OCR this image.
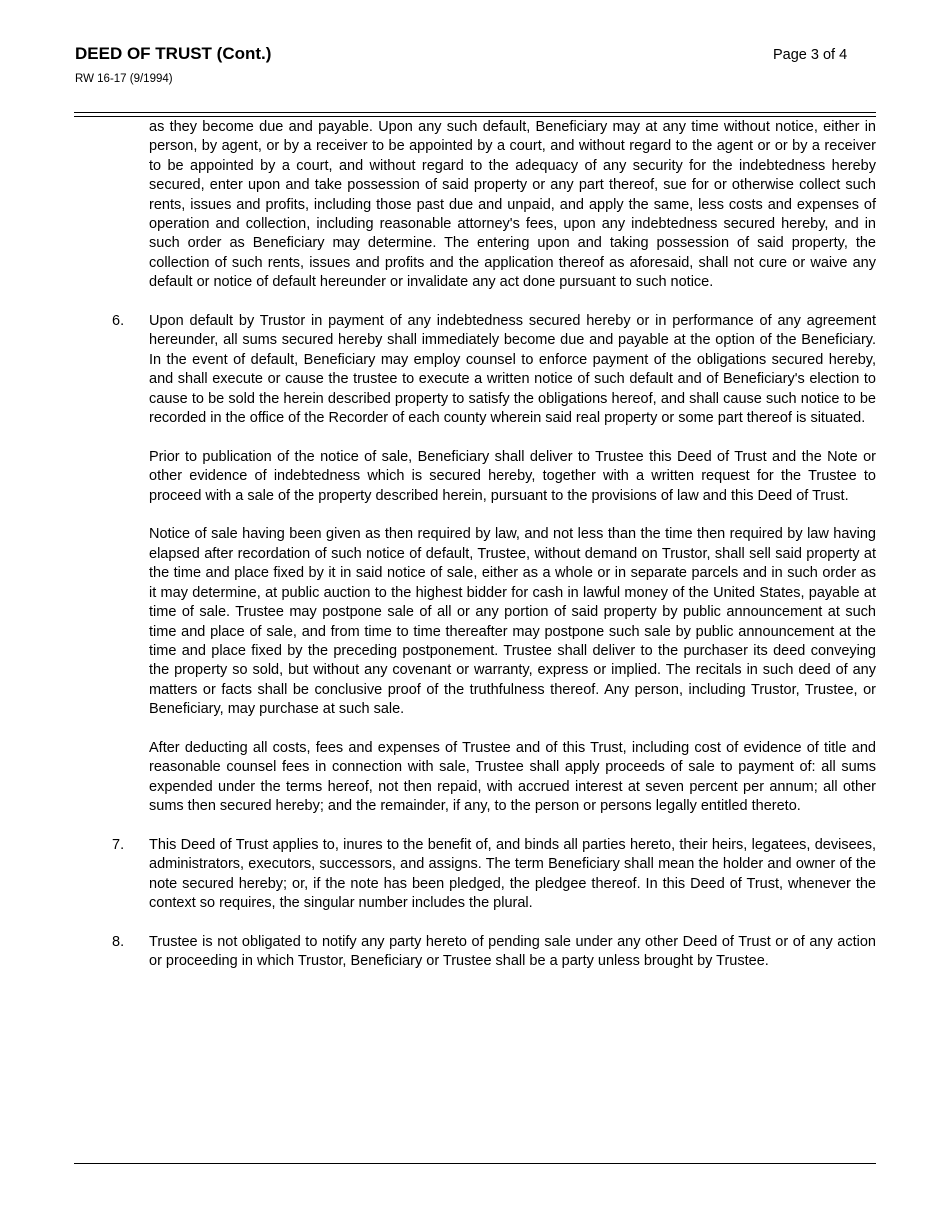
DEED OF TRUST (Cont.)
RW 16-17 (9/1994)
Page 3 of 4

as they become due and payable. Upon any such default, Beneficiary may at any time without notice, either in person, by agent, or by a receiver to be appointed by a court, and without regard to the agent or or by a receiver to be appointed by a court, and without regard to the adequacy of any security for the indebtedness hereby secured, enter upon and take possession of said property or any part thereof, sue for or otherwise collect such rents, issues and profits, including those past due and unpaid, and apply the same, less costs and expenses of operation and collection, including reasonable attorney's fees, upon any indebtedness secured hereby, and in such order as Beneficiary may determine. The entering upon and taking possession of said property, the collection of such rents, issues and profits and the application thereof as aforesaid, shall not cure or waive any default or notice of default hereunder or invalidate any act done pursuant to such notice.

6.	Upon default by Trustor in payment of any indebtedness secured hereby or in performance of any agreement hereunder, all sums secured hereby shall immediately become due and payable at the option of the Beneficiary. In the event of default, Beneficiary may employ counsel to enforce payment of the obligations secured hereby, and shall execute or cause the trustee to execute a written notice of such default and of Beneficiary's election to cause to be sold the herein described property to satisfy the obligations hereof, and shall cause such notice to be recorded in the office of the Recorder of each county wherein said real property or some part thereof is situated.

Prior to publication of the notice of sale, Beneficiary shall deliver to Trustee this Deed of Trust and the Note or other evidence of indebtedness which is secured hereby, together with a written request for the Trustee to proceed with a sale of the property described herein, pursuant to the provisions of law and this Deed of Trust.

Notice of sale having been given as then required by law, and not less than the time then required by law having elapsed after recordation of such notice of default, Trustee, without demand on Trustor, shall sell said property at the time and place fixed by it in said notice of sale, either as a whole or in separate parcels and in such order as it may determine, at public auction to the highest bidder for cash in lawful money of the United States, payable at time of sale. Trustee may postpone sale of all or any portion of said property by public announcement at such time and place of sale, and from time to time thereafter may postpone such sale by public announcement at the time and place fixed by the preceding postponement. Trustee shall deliver to the purchaser its deed conveying the property so sold, but without any covenant or warranty, express or implied. The recitals in such deed of any matters or facts shall be conclusive proof of the truthfulness thereof. Any person, including Trustor, Trustee, or Beneficiary, may purchase at such sale.

After deducting all costs, fees and expenses of Trustee and of this Trust, including cost of evidence of title and reasonable counsel fees in connection with sale, Trustee shall apply proceeds of sale to payment of: all sums expended under the terms hereof, not then repaid, with accrued interest at seven percent per annum; all other sums then secured hereby; and the remainder, if any, to the person or persons legally entitled thereto.

7.	This Deed of Trust applies to, inures to the benefit of, and binds all parties hereto, their heirs, legatees, devisees, administrators, executors, successors, and assigns. The term Beneficiary shall mean the holder and owner of the note secured hereby; or, if the note has been pledged, the pledgee thereof. In this Deed of Trust, whenever the context so requires, the singular number includes the plural.

8.	Trustee is not obligated to notify any party hereto of pending sale under any other Deed of Trust or of any action or proceeding in which Trustor, Beneficiary or Trustee shall be a party unless brought by Trustee.
